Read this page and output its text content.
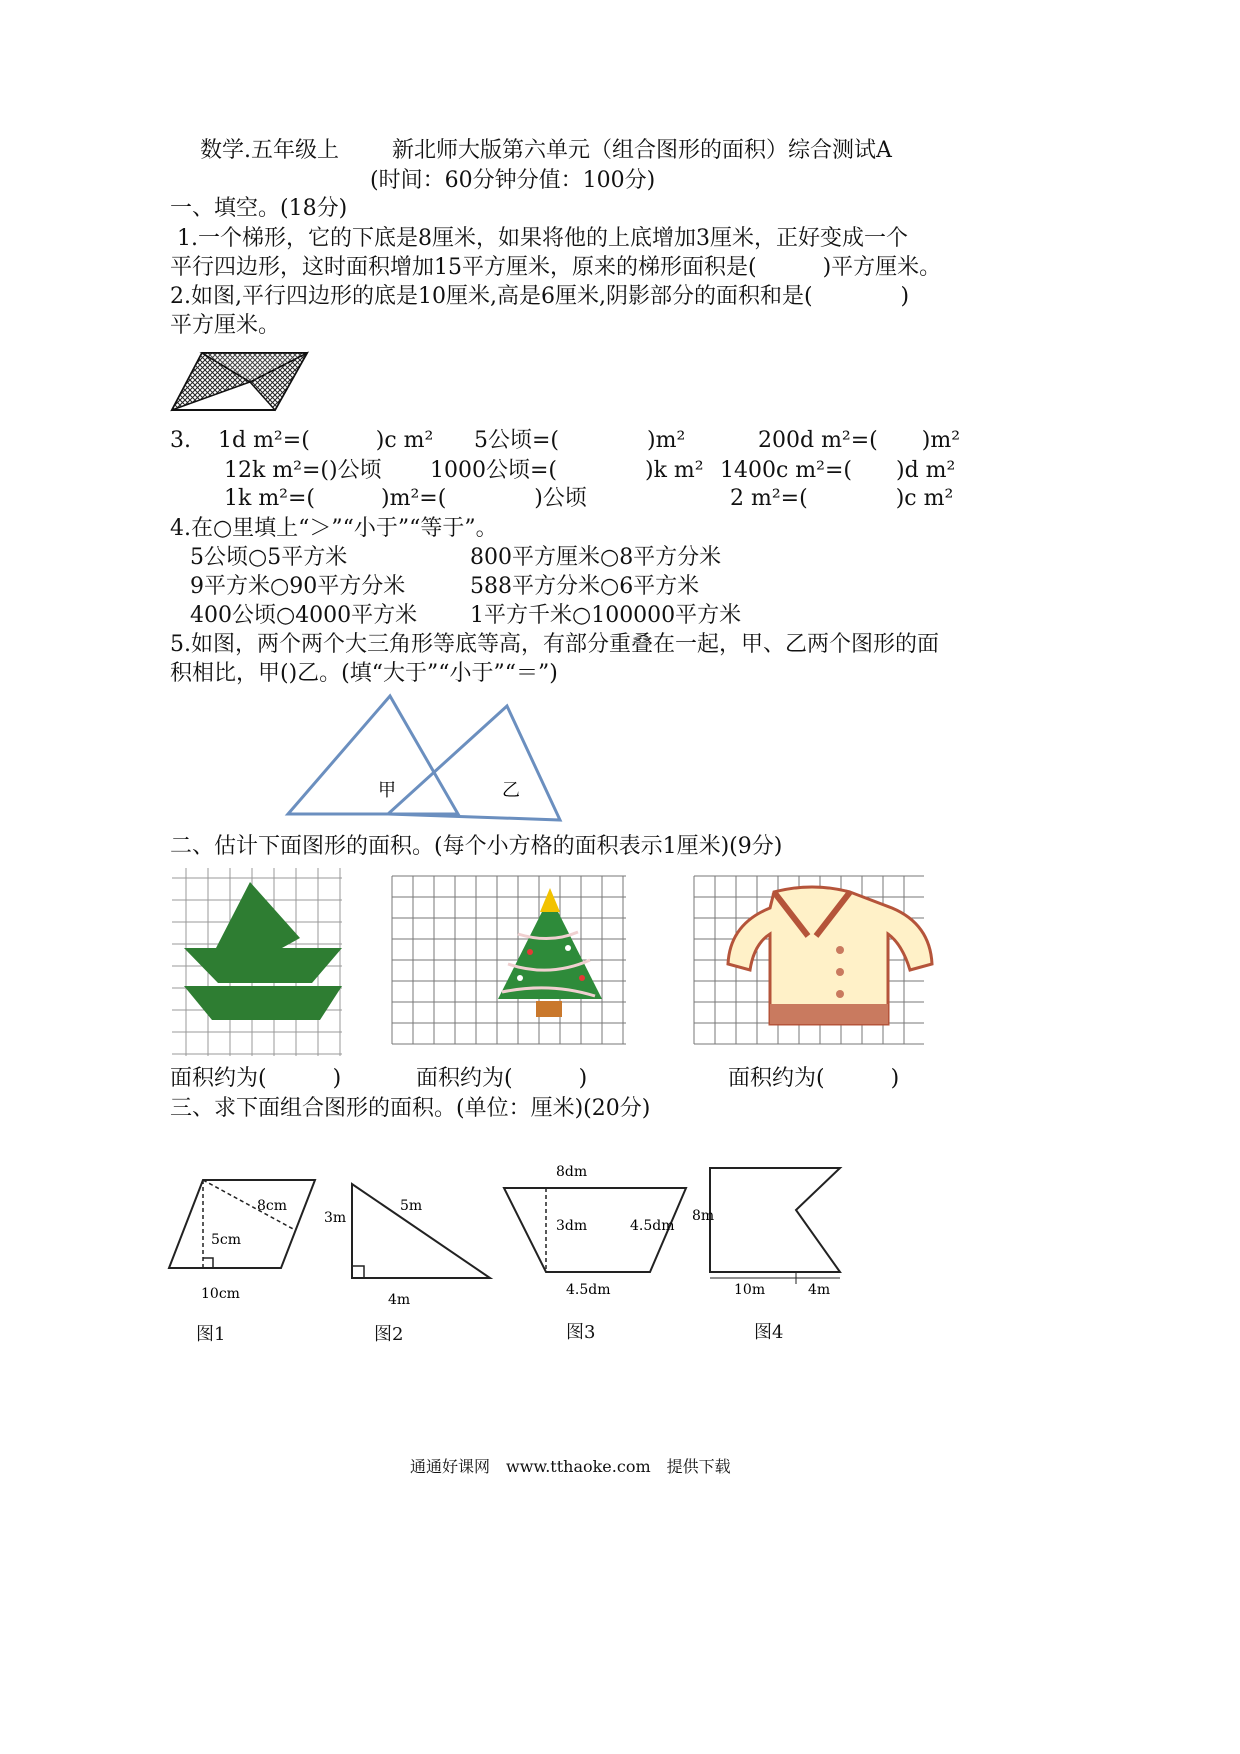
数学.五年级上 新北师大版第六单元（组合图形的面积）综合测试A
(时间：60分钟分值：100分)
一、填空。(18分)
1.一个梯形，它的下底是8厘米，如果将他的上底增加3厘米，正好变成一个
平行四边形，这时面积增加15平方厘米，原来的梯形面积是(　　　)平方厘米。
2.如图,平行四边形的底是10厘米,高是6厘米,阴影部分的面积和是(　　　　)
平方厘米。
3. 1d m²=(　　　)c m² 5公顷=(　　　　)m²	200d m²=(　　)m²
12k m²=()公顷 1000公顷=(　　　　)k m² 1400c m²=(　　)d m²
1k m²=(　　　)m²=(　　　　)公顷	2 m²=(　　　　)c m²
4.在○里填上“＞”“小于”“等于”。
5公顷○5平方米	800平方厘米○8平方分米
9平方米○90平方分米	588平方分米○6平方米
400公顷○4000平方米 1平方千米○100000平方米
5.如图，两个两个大三角形等底等高，有部分重叠在一起，甲、乙两个图形的面
积相比，甲()乙。(填“大于”“小于”“＝”)
甲	乙
二、估计下面图形的面积。(每个小方格的面积表示1厘米)(9分)
面积约为(　　　)	面积约为(　　　)	面积约为(　　　)
三、求下面组合图形的面积。(单位：厘米)(20分)
8cm
5cm
10cm
图1
3m
5m
4m
图2
8dm
3dm	4.5dm
4.5dm
图3
8m
10m	4m
图4
通通好课网　www.tthaoke.com　提供下载
